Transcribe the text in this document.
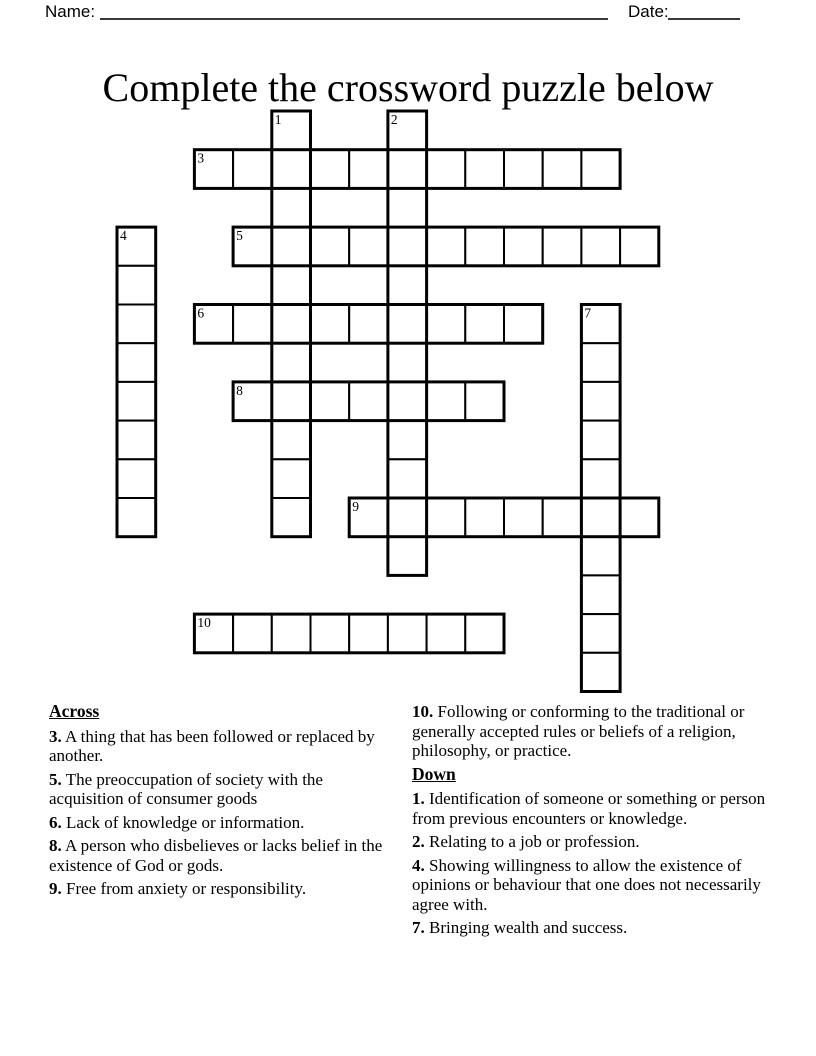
Name:	Date:
Complete the crossword puzzle below
1	2
3
4	5
6	7
8
9
10
Across

3. A thing that has been followed or replaced by another.

5. The preoccupation of society with the acquisition of consumer goods

6. Lack of knowledge or information.

8. A person who disbelieves or lacks belief in the existence of God or gods.

9. Free from anxiety or responsibility.

10. Following or conforming to the traditional or generally accepted rules or beliefs of a religion, philosophy, or practice.

Down

1. Identification of someone or something or person from previous encounters or knowledge.

2. Relating to a job or profession.

4. Showing willingness to allow the existence of opinions or behaviour that one does not necessarily agree with.

7. Bringing wealth and success.
